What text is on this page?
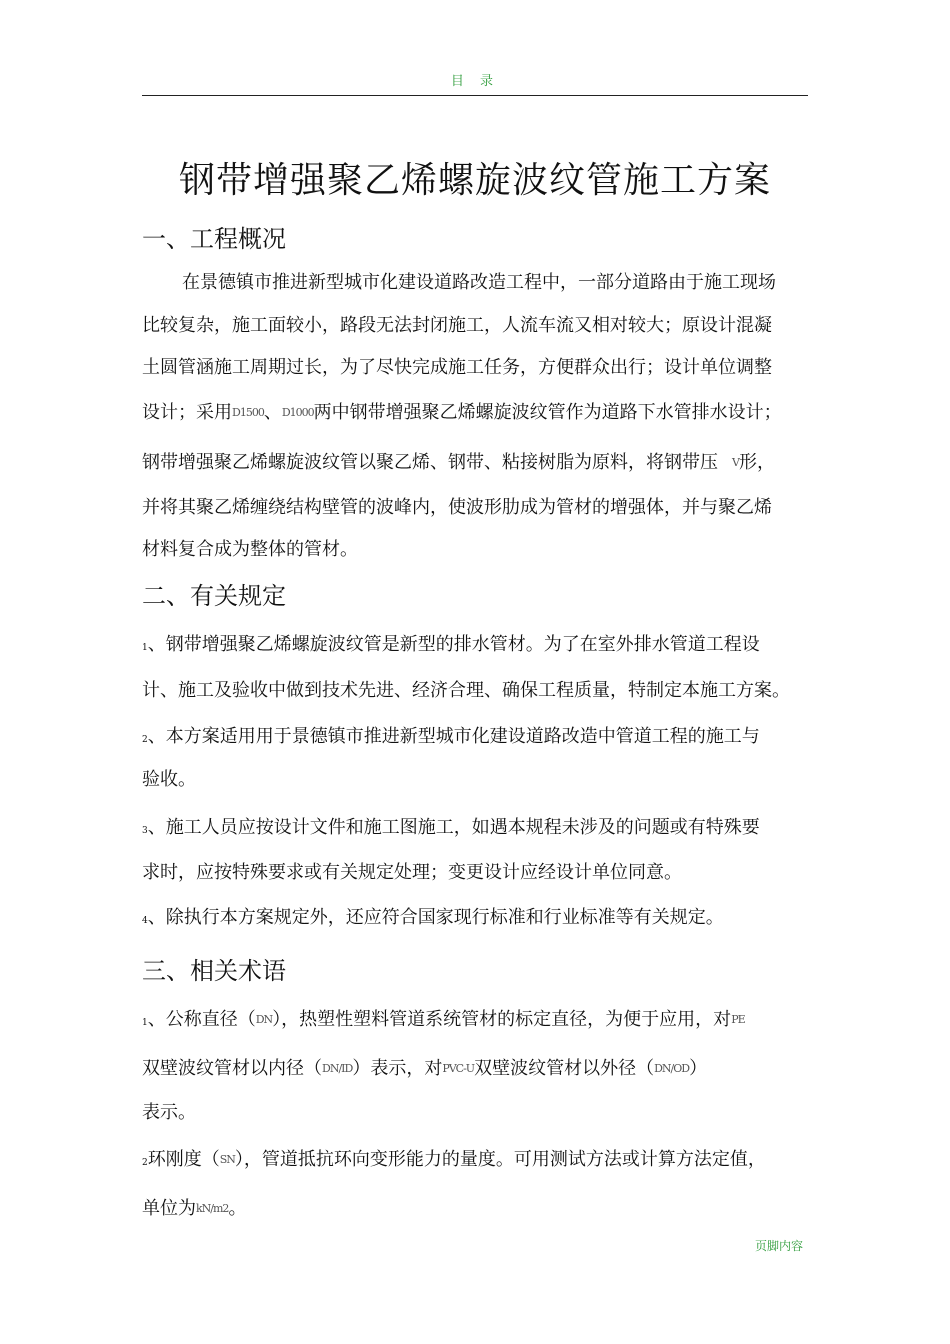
目 录
钢带增强聚乙烯螺旋波纹管施工方案
一、工程概况
在景德镇市推进新型城市化建设道路改造工程中，一部分道路由于施工现场
比较复杂，施工面较小，路段无法封闭施工，人流车流又相对较大；原设计混凝
土圆管涵施工周期过长，为了尽快完成施工任务，方便群众出行；设计单位调整
设计；采用D1500、D1000两中钢带增强聚乙烯螺旋波纹管作为道路下水管排水设计；
钢带增强聚乙烯螺旋波纹管以聚乙烯、钢带、粘接树脂为原料，将钢带压 V形，
并将其聚乙烯缠绕结构壁管的波峰内，使波形肋成为管材的增强体，并与聚乙烯
材料复合成为整体的管材。
二、有关规定
1、钢带增强聚乙烯螺旋波纹管是新型的排水管材。为了在室外排水管道工程设
计、施工及验收中做到技术先进、经济合理、确保工程质量，特制定本施工方案。
2、本方案适用用于景德镇市推进新型城市化建设道路改造中管道工程的施工与
验收。
3、施工人员应按设计文件和施工图施工，如遇本规程未涉及的问题或有特殊要
求时，应按特殊要求或有关规定处理；变更设计应经设计单位同意。
4、除执行本方案规定外，还应符合国家现行标准和行业标准等有关规定。
三、相关术语
1、公称直径（DN），热塑性塑料管道系统管材的标定直径，为便于应用，对PE
双壁波纹管材以内径（DN/ID）表示，对PVC-U双壁波纹管材以外径（DN/OD）
表示。
2环刚度（SN），管道抵抗环向变形能力的量度。可用测试方法或计算方法定值，
单位为kN/m2。
页脚内容
